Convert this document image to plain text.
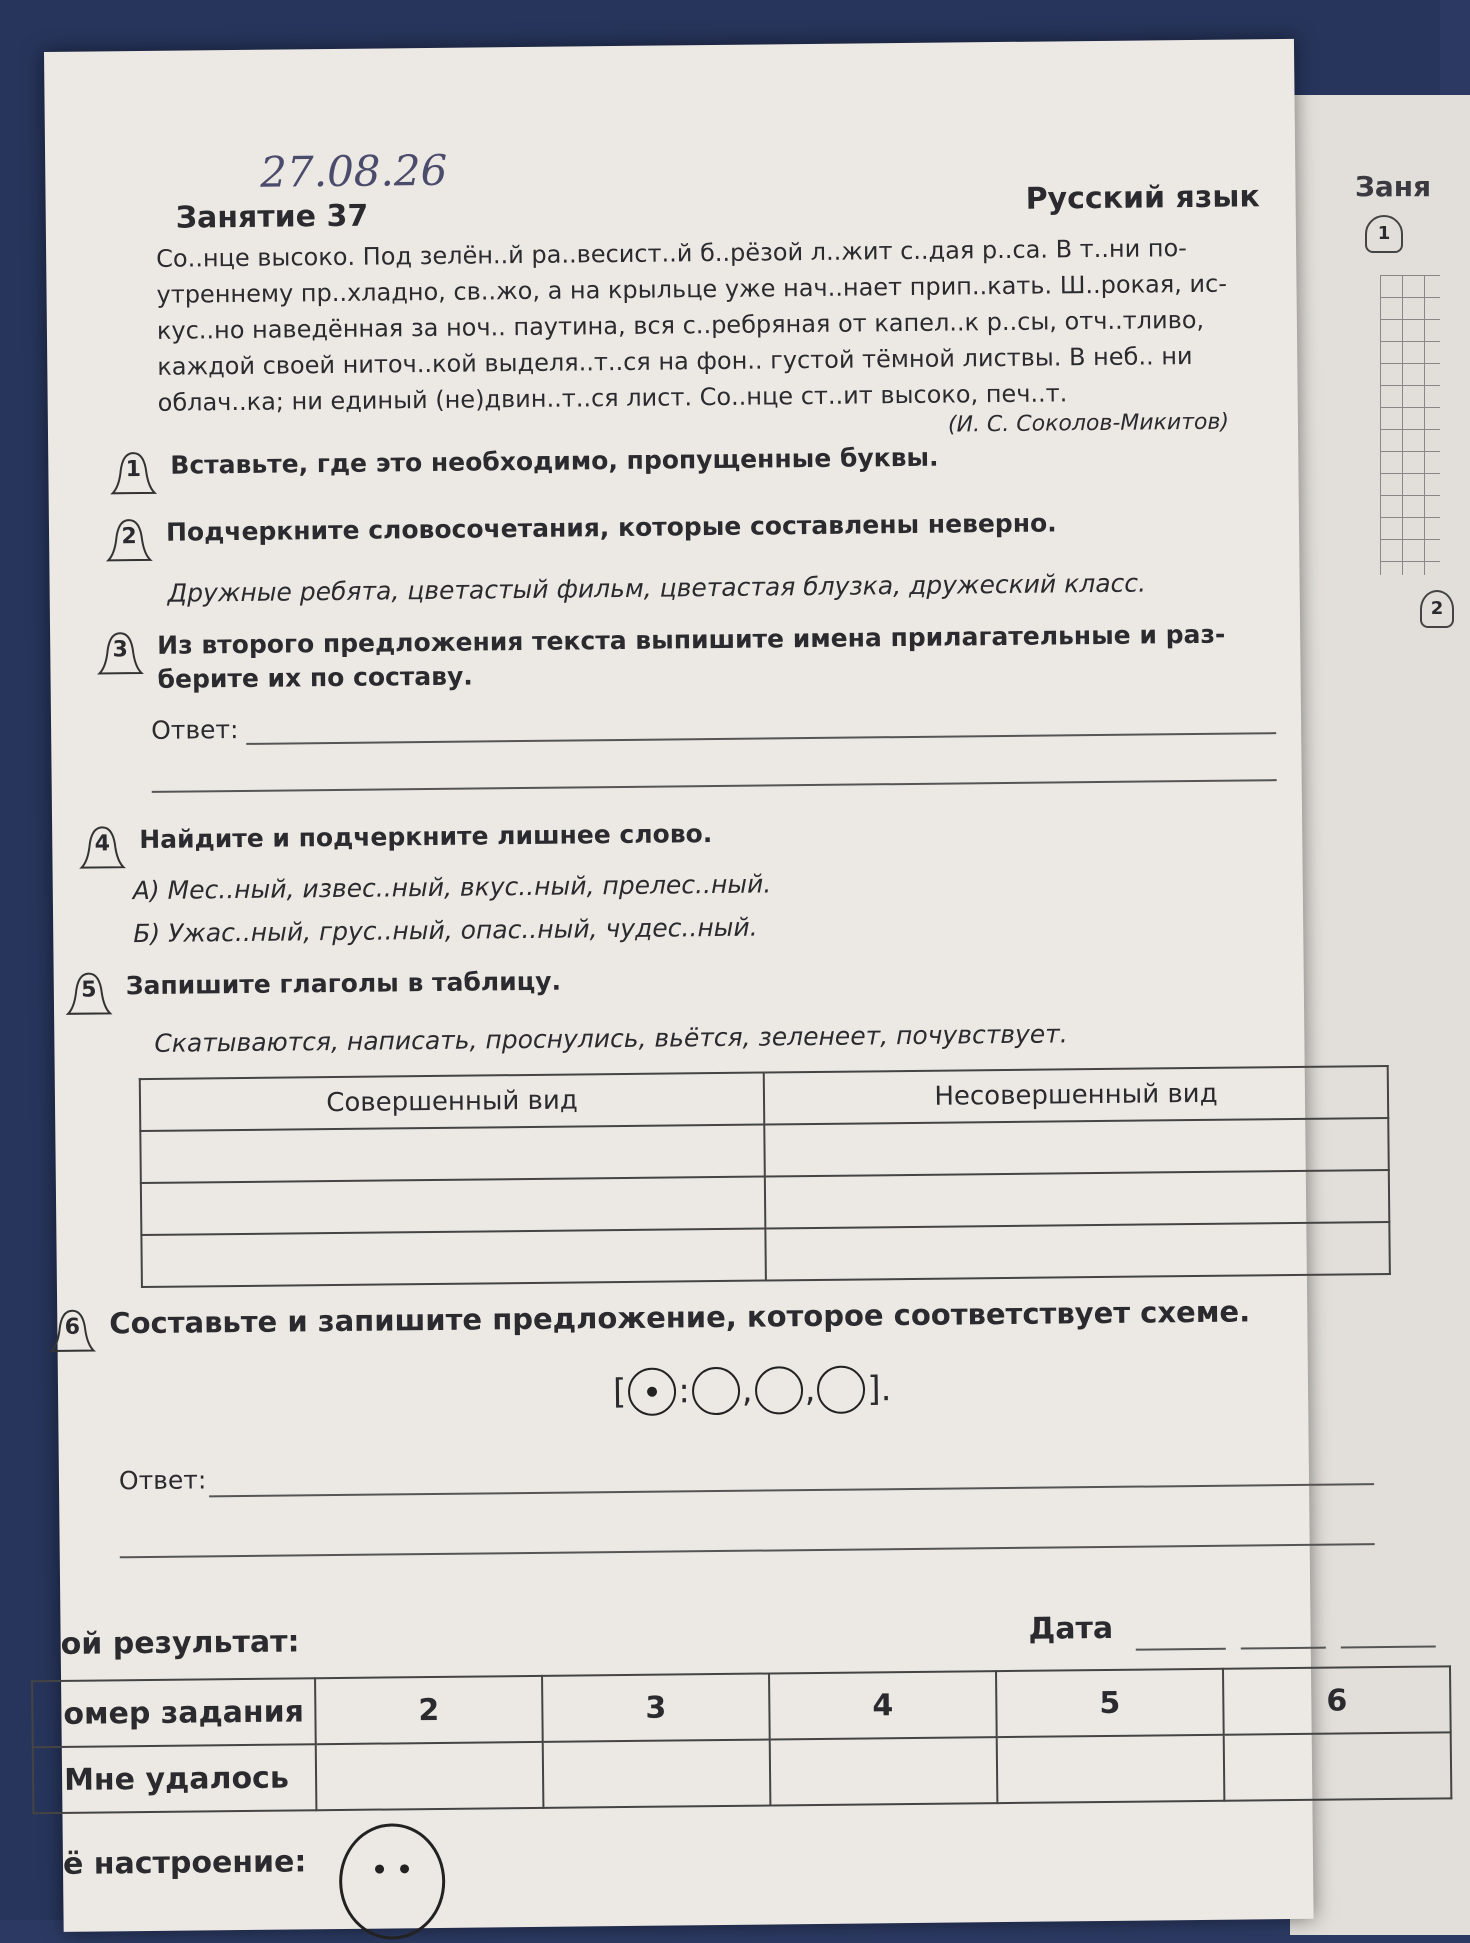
Заня
1
2
27.08.26
Занятие 37
Русский язык
Со..нце высоко. Под зелён..й ра..весист..й б..рёзой л..жит с..дая р..са. В т..ни по-
утреннему пр..хладно, св..жо, а на крыльце уже нач..нает прип..кать. Ш..рокая, ис-
кус..но наведённая за ноч.. паутина, вся с..ребряная от капел..к р..сы, отч..тливо,
каждой своей ниточ..кой выделя..т..ся на фон.. густой тёмной листвы. В неб.. ни
облач..ка; ни единый (не)двин..т..ся лист. Со..нце ст..ит высоко, печ..т.
(И. С. Соколов-Микитов)
1	Вставьте, где это необходимо, пропущенные буквы.
2	Подчеркните словосочетания, которые составлены неверно.
Дружные ребята, цветастый фильм, цветастая блузка, дружеский класс.
3	Из второго предложения текста выпишите имена прилагательные и раз-
берите их по составу.
Ответ:
4	Найдите и подчеркните лишнее слово.
А) Мес..ный, извес..ный, вкус..ный, прелес..ный.
Б) Ужас..ный, грус..ный, опас..ный, чудес..ный.
5	Запишите глаголы в таблицу.
Скатываются, написать, проснулись, вьётся, зеленеет, почувствует.
Совершенный вид	Несовершенный вид

6 Составьте и запишите предложение, которое соответствует схеме.
[ : , , ].
Ответ:
ой результат:	Дата
омер задания	2	3	4	5	6
Мне удалось					
ё настроение:
